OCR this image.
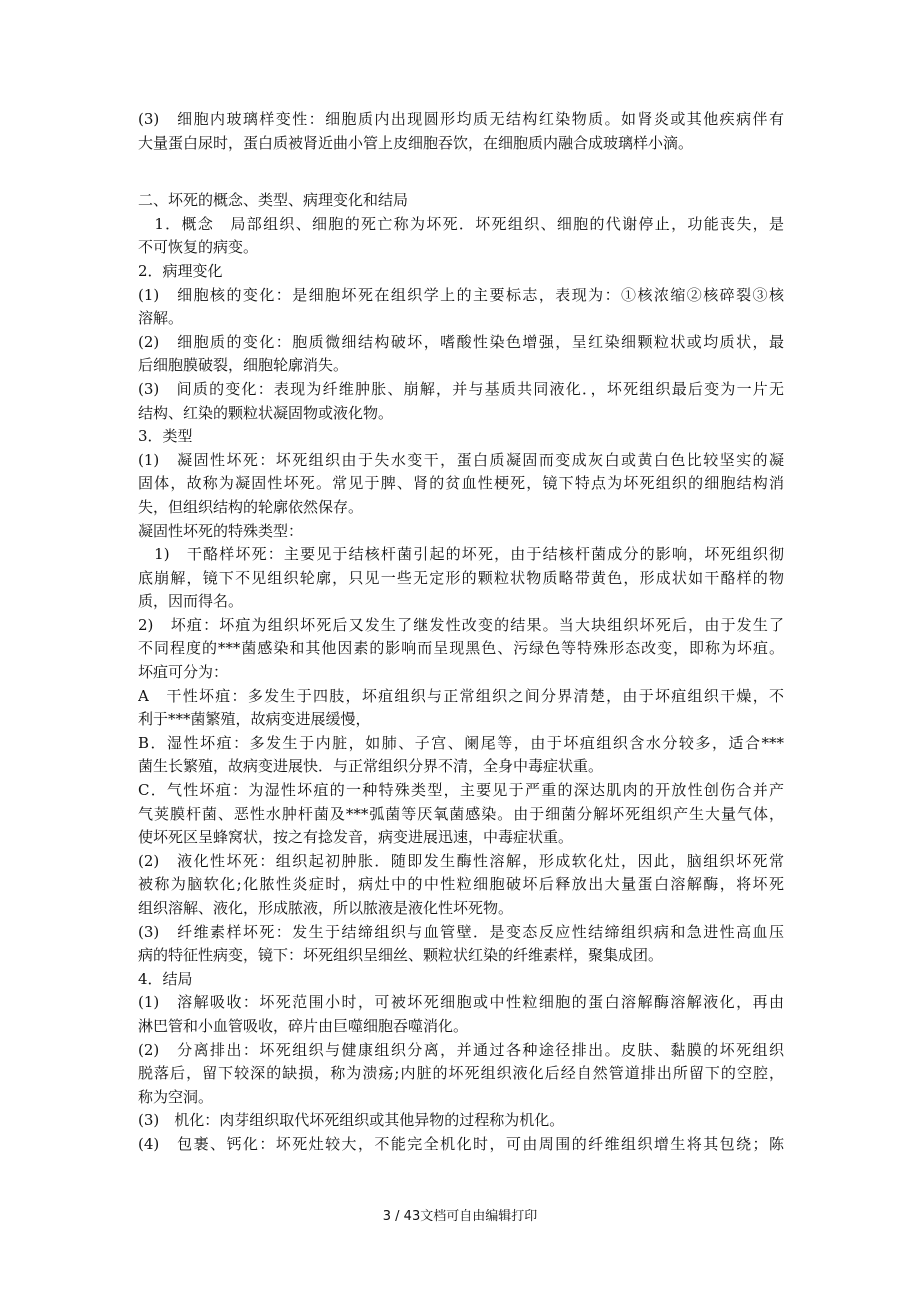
(3)　细胞内玻璃样变性：细胞质内出现圆形均质无结构红染物质。如肾炎或其他疾病伴有
大量蛋白尿时，蛋白质被肾近曲小管上皮细胞吞饮，在细胞质内融合成玻璃样小滴。
二、坏死的概念、类型、病理变化和结局
　1．概念　局部组织、细胞的死亡称为坏死．坏死组织、细胞的代谢停止，功能丧失，是
不可恢复的病变。
2．病理变化
(1)　细胞核的变化：是细胞坏死在组织学上的主要标志，表现为：①核浓缩②核碎裂③核
溶解。
(2)　细胞质的变化：胞质微细结构破坏，嗜酸性染色增强，呈红染细颗粒状或均质状，最
后细胞膜破裂，细胞轮廓消失。
(3)　间质的变化：表现为纤维肿胀、崩解，并与基质共同液化．，坏死组织最后变为一片无
结构、红染的颗粒状凝固物或液化物。
3．类型
(1)　凝固性坏死：坏死组织由于失水变干，蛋白质凝固而变成灰白或黄白色比较坚实的凝
固体，故称为凝固性坏死。常见于脾、肾的贫血性梗死，镜下特点为坏死组织的细胞结构消
失，但组织结构的轮廓依然保存。
凝固性坏死的特殊类型：
　1)　干酪样坏死：主要见于结核杆菌引起的坏死，由于结核杆菌成分的影响，坏死组织彻
底崩解，镜下不见组织轮廓，只见一些无定形的颗粒状物质略带黄色，形成状如干酪样的物
质，因而得名。
2)　坏疽：坏疽为组织坏死后又发生了继发性改变的结果。当大块组织坏死后，由于发生了
不同程度的***菌感染和其他因素的影响而呈现黑色、污绿色等特殊形态改变，即称为坏疽。
坏疽可分为：
A　干性坏疽：多发生于四肢，坏疽组织与正常组织之间分界清楚，由于坏疽组织干燥，不
利于***菌繁殖，故病变进展缓慢，
B．湿性坏疽：多发生于内脏，如肺、子宫、阑尾等，由于坏疽组织含水分较多，适合***
菌生长繁殖，故病变进展快．与正常组织分界不清，全身中毒症状重。
C．气性坏疽：为湿性坏疽的一种特殊类型，主要见于严重的深达肌肉的开放性创伤合并产
气荚膜杆菌、恶性水肿杆菌及***弧菌等厌氧菌感染。由于细菌分解坏死组织产生大量气体，
使坏死区呈蜂窝状，按之有捻发音，病变进展迅速，中毒症状重。
(2)　液化性坏死：组织起初肿胀．随即发生酶性溶解，形成软化灶，因此，脑组织坏死常
被称为脑软化;化脓性炎症时，病灶中的中性粒细胞破坏后释放出大量蛋白溶解酶，将坏死
组织溶解、液化，形成脓液，所以脓液是液化性坏死物。
(3)　纤维素样坏死：发生于结缔组织与血管壁．是变态反应性结缔组织病和急进性高血压
病的特征性病变，镜下：坏死组织呈细丝、颗粒状红染的纤维素样，聚集成团。
4．结局
(1)　溶解吸收：坏死范围小时，可被坏死细胞或中性粒细胞的蛋白溶解酶溶解液化，再由
淋巴管和小血管吸收，碎片由巨噬细胞吞噬消化。
(2)　分离排出：坏死组织与健康组织分离，并通过各种途径排出。皮肤、黏膜的坏死组织
脱落后，留下较深的缺损，称为溃疡;内脏的坏死组织液化后经自然管道排出所留下的空腔，
称为空洞。
(3)　机化：肉芽组织取代坏死组织或其他异物的过程称为机化。
(4)　包裹、钙化：坏死灶较大，不能完全机化时，可由周围的纤维组织增生将其包绕；陈
3 / 43文档可自由编辑打印
